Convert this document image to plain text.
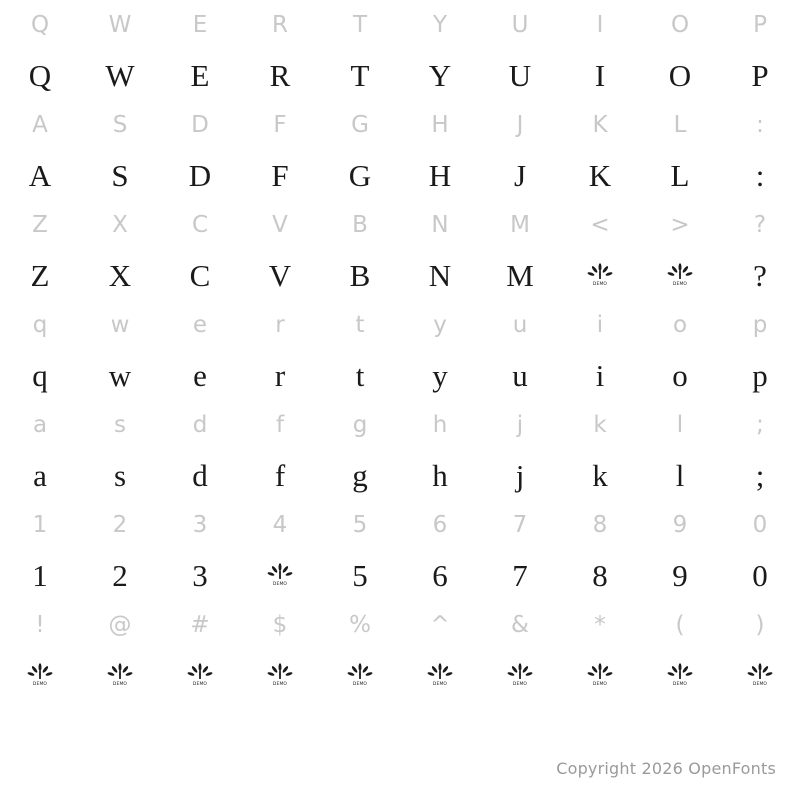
Q	W	E	R	T	Y	U	I	O	P
Q W E R T Y U I O P
A	S	D	F	G	H	J	K	L	:
A S D F G H J K L :
Z	X	C	V	B	N	M	<	>	?
Z X C V B N M	DEMO	DEMO ?
q	w	e	r	t	y	u	i	o	p
q w e r t y u i o p
a	s	d	f	g	h	j	k	l	;
a s d f g h j k l ;
1	2	3	4	5	6	7	8	9	0
1 2 3	DEMO 5 6 7 8 9 0
!	@	#	$	%	^	&	*	(	)
DEMO	DEMO	DEMO	DEMO	DEMO	DEMO	DEMO	DEMO	DEMO	DEMO
Copyright 2026 OpenFonts
